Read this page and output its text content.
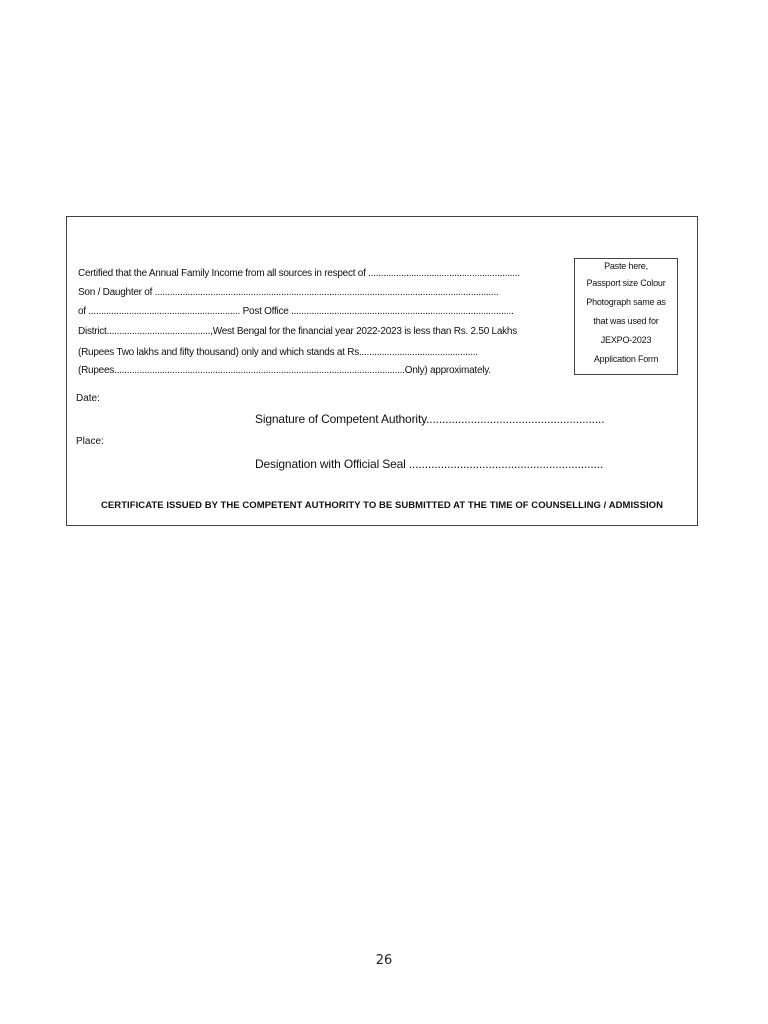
Certified that the Annual Family Income from all sources in respect of ............................................................
Son / Daughter of ........................................................................................................................................
of ............................................................ Post Office ........................................................................................
District.........................................,West Bengal for the financial year 2022-2023 is less than Rs. 2.50 Lakhs
(Rupees Two lakhs and fifty thousand) only and which stands at Rs...............................................
(Rupees...................................................................................................................Only) approximately.
Paste here,
Passport size Colour
Photograph same as
that was used for
JEXPO-2023
Application Form
Date:
Signature of Competent Authority........................................................
Place:
Designation with Official Seal .............................................................
CERTIFICATE ISSUED BY THE COMPETENT AUTHORITY TO BE SUBMITTED AT THE TIME OF COUNSELLING / ADMISSION
26
